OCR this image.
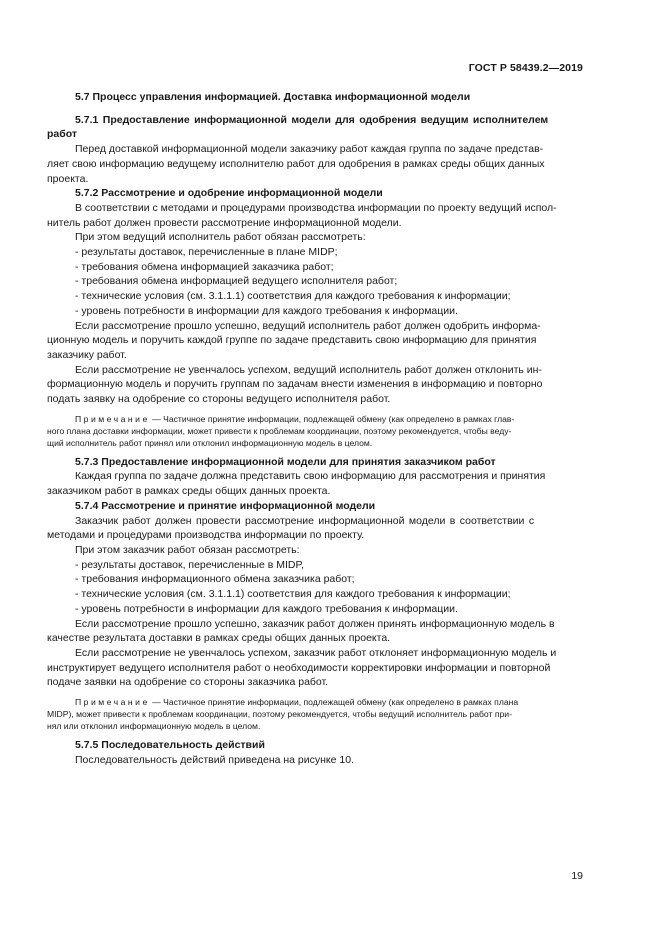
ГОСТ Р 58439.2—2019
5.7 Процесс управления информацией. Доставка информационной модели
5.7.1 Предоставление информационной модели для одобрения ведущим исполнителем
работ
Перед доставкой информационной модели заказчику работ каждая группа по задаче представ-
ляет свою информацию ведущему исполнителю работ для одобрения в рамках среды общих данных
проекта.
5.7.2 Рассмотрение и одобрение информационной модели
В соответствии с методами и процедурами производства информации по проекту ведущий испол-
нитель работ должен провести рассмотрение информационной модели.
При этом ведущий исполнитель работ обязан рассмотреть:
- результаты доставок, перечисленные в плане MIDP;
- требования обмена информацией заказчика работ;
- требования обмена информацией ведущего исполнителя работ;
- технические условия (см. 3.1.1.1) соответствия для каждого требования к информации;
- уровень потребности в информации для каждого требования к информации.
Если рассмотрение прошло успешно, ведущий исполнитель работ должен одобрить информа-
ционную модель и поручить каждой группе по задаче представить свою информацию для принятия
заказчику работ.
Если рассмотрение не увенчалось успехом, ведущий исполнитель работ должен отклонить ин-
формационную модель и поручить группам по задачам внести изменения в информацию и повторно
подать заявку на одобрение со стороны ведущего исполнителя работ.
Примечание — Частичное принятие информации, подлежащей обмену (как определено в рамках глав-
ного плана доставки информации, может привести к проблемам координации, поэтому рекомендуется, чтобы веду-
щий исполнитель работ принял или отклонил информационную модель в целом.
5.7.3 Предоставление информационной модели для принятия заказчиком работ
Каждая группа по задаче должна представить свою информацию для рассмотрения и принятия
заказчиком работ в рамках среды общих данных проекта.
5.7.4 Рассмотрение и принятие информационной модели
Заказчик работ должен провести рассмотрение информационной модели в соответствии с
методами и процедурами производства информации по проекту.
При этом заказчик работ обязан рассмотреть:
- результаты доставок, перечисленные в MIDP,
- требования информационного обмена заказчика работ;
- технические условия (см. 3.1.1.1) соответствия для каждого требования к информации;
- уровень потребности в информации для каждого требования к информации.
Если рассмотрение прошло успешно, заказчик работ должен принять информационную модель в
качестве результата доставки в рамках среды общих данных проекта.
Если рассмотрение не увенчалось успехом, заказчик работ отклоняет информационную модель и
инструктирует ведущего исполнителя работ о необходимости корректировки информации и повторной
подаче заявки на одобрение со стороны заказчика работ.
Примечание — Частичное принятие информации, подлежащей обмену (как определено в рамках плана
MIDP), может привести к проблемам координации, поэтому рекомендуется, чтобы ведущий исполнитель работ при-
нял или отклонил информационную модель в целом.
5.7.5 Последовательность действий
Последовательность действий приведена на рисунке 10.
19
